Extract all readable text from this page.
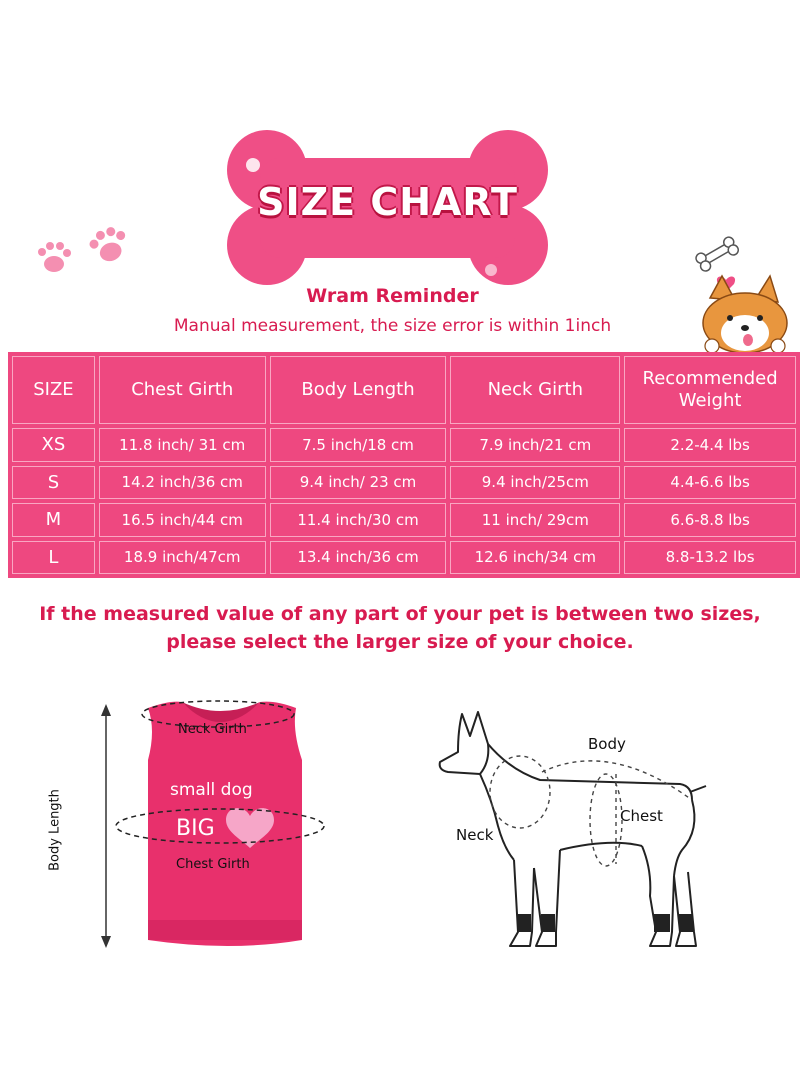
SIZE CHART
Wram Reminder
Manual measurement, the size error is within 1inch
SIZE	Chest Girth	Body Length	Neck Girth	Recommended
Weight

XS	11.8 inch/ 31 cm	7.5 inch/18 cm	7.9 inch/21 cm	2.2-4.4 lbs
S	14.2 inch/36 cm	9.4 inch/ 23 cm	9.4 inch/25cm	4.4-6.6 lbs
M	16.5 inch/44 cm	11.4 inch/30 cm	11 inch/ 29cm	6.6-8.8 lbs
L	18.9 inch/47cm	13.4 inch/36 cm	12.6 inch/34 cm	8.8-13.2 lbs
If the measured value of any part of your pet is between two sizes,
please select the larger size of your choice.
Neck Girth
small dog
BIG
Chest Girth
Body Length
Body
Chest
Neck
